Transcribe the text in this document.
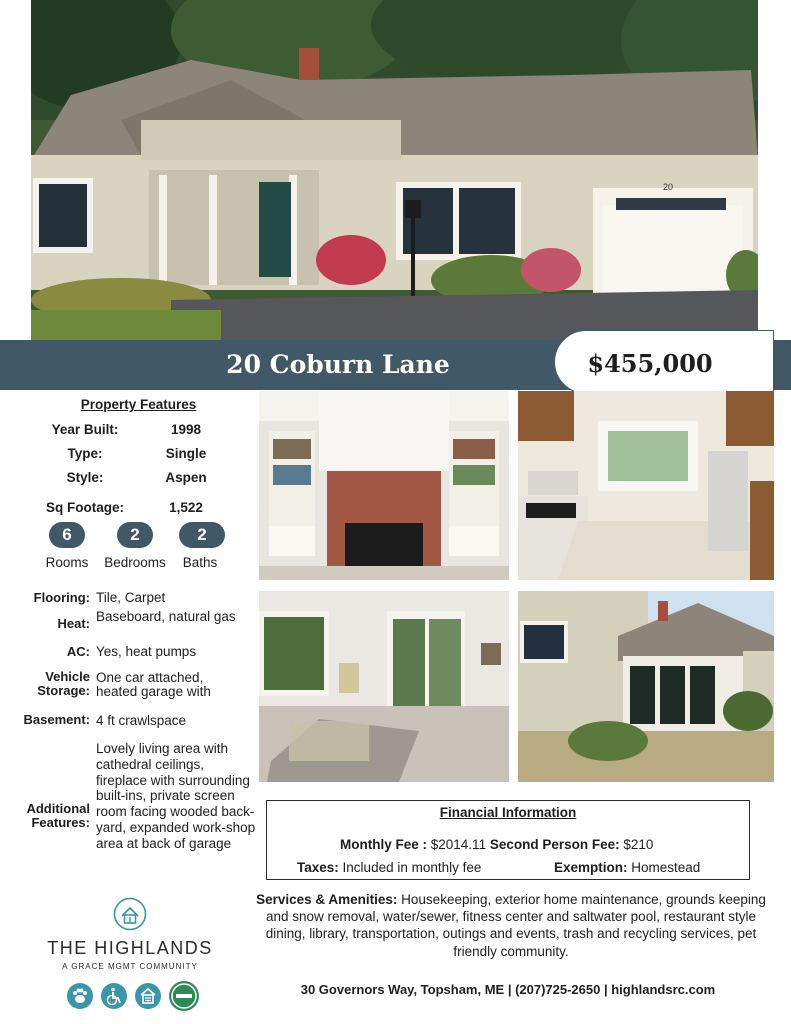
20
20 Coburn Lane	$455,000
Property Features
Year Built:	1998
Type:	Single
Style:	Aspen
Sq Footage:	1,522
6
Rooms
2
Bedrooms
2
Baths
Flooring: Tile, Carpet
Heat: Baseboard, natural gas
AC: Yes, heat pumps
Vehicle Storage:
One car attached, heated garage with
Basement: 4 ft crawlspace
Additional Features:
Lovely living area with cathedral ceilings, fireplace with surrounding built-ins, private screen room facing wooded back-yard, expanded work-shop area at back of garage
Financial Information
Monthly Fee : $2014.11 Second Person Fee: $210
Taxes: Included in monthly fee	Exemption: Homestead
Services & Amenities: Housekeeping, exterior home maintenance, grounds keeping and snow removal, water/sewer, fitness center and saltwater pool, restaurant style dining, library, transportation, outings and events, trash and recycling services, pet friendly community.
30 Governors Way, Topsham, ME | (207)725-2650 | highlandsrc.com
THE HIGHLANDS
A GRACE MGMT COMMUNITY
